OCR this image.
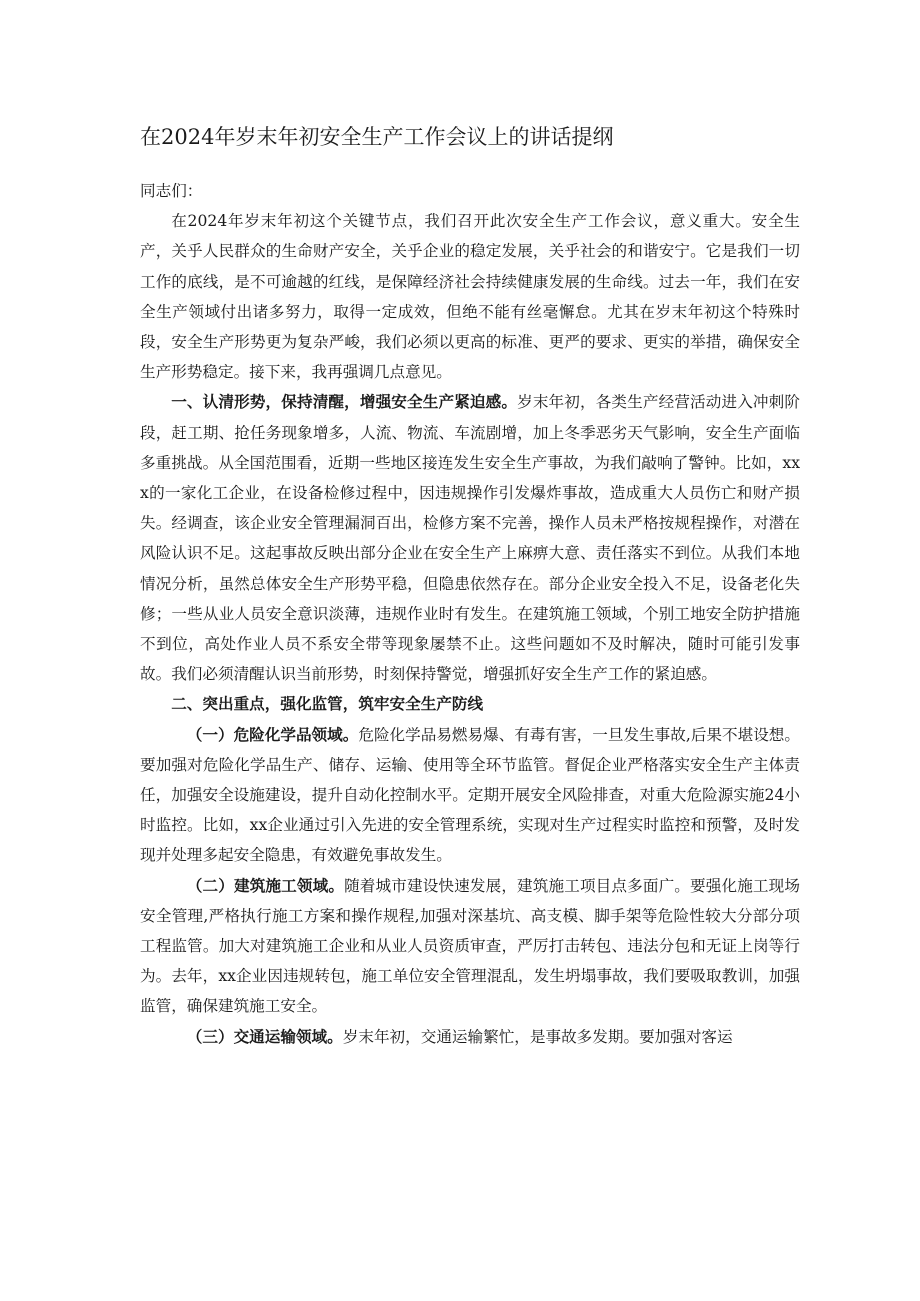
在2024年岁末年初安全生产工作会议上的讲话提纲

同志们：

在2024年岁末年初这个关键节点，我们召开此次安全生产工作会议，意义重大。安全生产，关乎人民群众的生命财产安全，关乎企业的稳定发展，关乎社会的和谐安宁。它是我们一切工作的底线，是不可逾越的红线，是保障经济社会持续健康发展的生命线。过去一年，我们在安全生产领域付出诸多努力，取得一定成效，但绝不能有丝毫懈怠。尤其在岁末年初这个特殊时段，安全生产形势更为复杂严峻，我们必须以更高的标准、更严的要求、更实的举措，确保安全生产形势稳定。接下来，我再强调几点意见。

一、认清形势，保持清醒，增强安全生产紧迫感。岁末年初，各类生产经营活动进入冲刺阶段，赶工期、抢任务现象增多，人流、物流、车流剧增，加上冬季恶劣天气影响，安全生产面临多重挑战。从全国范围看，近期一些地区接连发生安全生产事故，为我们敲响了警钟。比如，xxx的一家化工企业，在设备检修过程中，因违规操作引发爆炸事故，造成重大人员伤亡和财产损失。经调查，该企业安全管理漏洞百出，检修方案不完善，操作人员未严格按规程操作，对潜在风险认识不足。这起事故反映出部分企业在安全生产上麻痹大意、责任落实不到位。从我们本地情况分析，虽然总体安全生产形势平稳，但隐患依然存在。部分企业安全投入不足，设备老化失修；一些从业人员安全意识淡薄，违规作业时有发生。在建筑施工领域，个别工地安全防护措施不到位，高处作业人员不系安全带等现象屡禁不止。这些问题如不及时解决，随时可能引发事故。我们必须清醒认识当前形势，时刻保持警觉，增强抓好安全生产工作的紧迫感。

二、突出重点，强化监管，筑牢安全生产防线

（一）危险化学品领域。危险化学品易燃易爆、有毒有害，一旦发生事故,后果不堪设想。要加强对危险化学品生产、储存、运输、使用等全环节监管。督促企业严格落实安全生产主体责任，加强安全设施建设，提升自动化控制水平。定期开展安全风险排查，对重大危险源实施24小时监控。比如，xx企业通过引入先进的安全管理系统，实现对生产过程实时监控和预警，及时发现并处理多起安全隐患，有效避免事故发生。

（二）建筑施工领域。随着城市建设快速发展，建筑施工项目点多面广。要强化施工现场安全管理,严格执行施工方案和操作规程,加强对深基坑、高支模、脚手架等危险性较大分部分项工程监管。加大对建筑施工企业和从业人员资质审查，严厉打击转包、违法分包和无证上岗等行为。去年，xx企业因违规转包，施工单位安全管理混乱，发生坍塌事故，我们要吸取教训，加强监管，确保建筑施工安全。

（三）交通运输领域。岁末年初，交通运输繁忙，是事故多发期。要加强对客运
